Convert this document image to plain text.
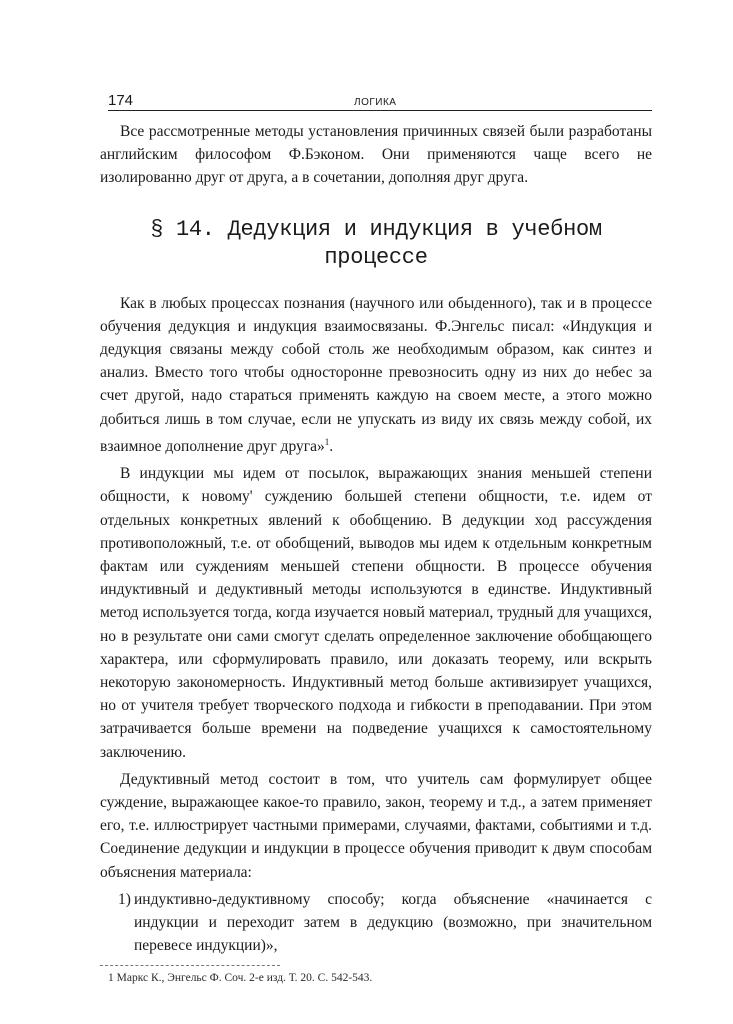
174	ЛОГИКА

Все рассмотренные методы установления причинных связей были разработаны английским философом Ф.Бэконом. Они применяются чаще всего не изолированно друг от друга, а в сочетании, дополняя друг друга.

§ 14. Дедукция и индукция в учебном процессе

Как в любых процессах познания (научного или обыденного), так и в процессе обучения дедукция и индукция взаимосвязаны. Ф.Энгельс писал: «Индукция и дедукция связаны между собой столь же необходимым образом, как синтез и анализ. Вместо того чтобы односторонне превозносить одну из них до небес за счет другой, надо стараться применять каждую на своем месте, а этого можно добиться лишь в том случае, если не упускать из виду их связь между собой, их взаимное дополнение друг друга»$^1$.

В индукции мы идем от посылок, выражающих знания меньшей степени общности, к новому' суждению большей степени общности, т.е. идем от отдельных конкретных явлений к обобщению. В дедукции ход рассуждения противоположный, т.е. от обобщений, выводов мы идем к отдельным конкретным фактам или суждениям меньшей степени общности. В процессе обучения индуктивный и дедуктивный методы используются в единстве. Индуктивный метод используется тогда, когда изучается новый материал, трудный для учащихся, но в результате они сами смогут сделать определенное заключение обобщающего характера, или сформулировать правило, или доказать теорему, или вскрыть некоторую закономерность. Индуктивный метод больше активизирует учащихся, но от учителя требует творческого подхода и гибкости в преподавании. При этом затрачивается больше времени на подведение учащихся к самостоятельному заключению.

Дедуктивный метод состоит в том, что учитель сам формулирует общее суждение, выражающее какое-то правило, закон, теорему и т.д., а затем применяет его, т.е. иллюстрирует частными примерами, случаями, фактами, событиями и т.д. Соединение дедукции и индукции в процессе обучения приводит к двум способам объяснения материала:

1) индуктивно-дедуктивному способу; когда объяснение «начинается с индукции и переходит затем в дедукцию (возможно, при значительном перевесе индукции)»,
1 Маркс К., Энгельс Ф. Соч. 2-е изд. Т. 20. С. 542-543.
